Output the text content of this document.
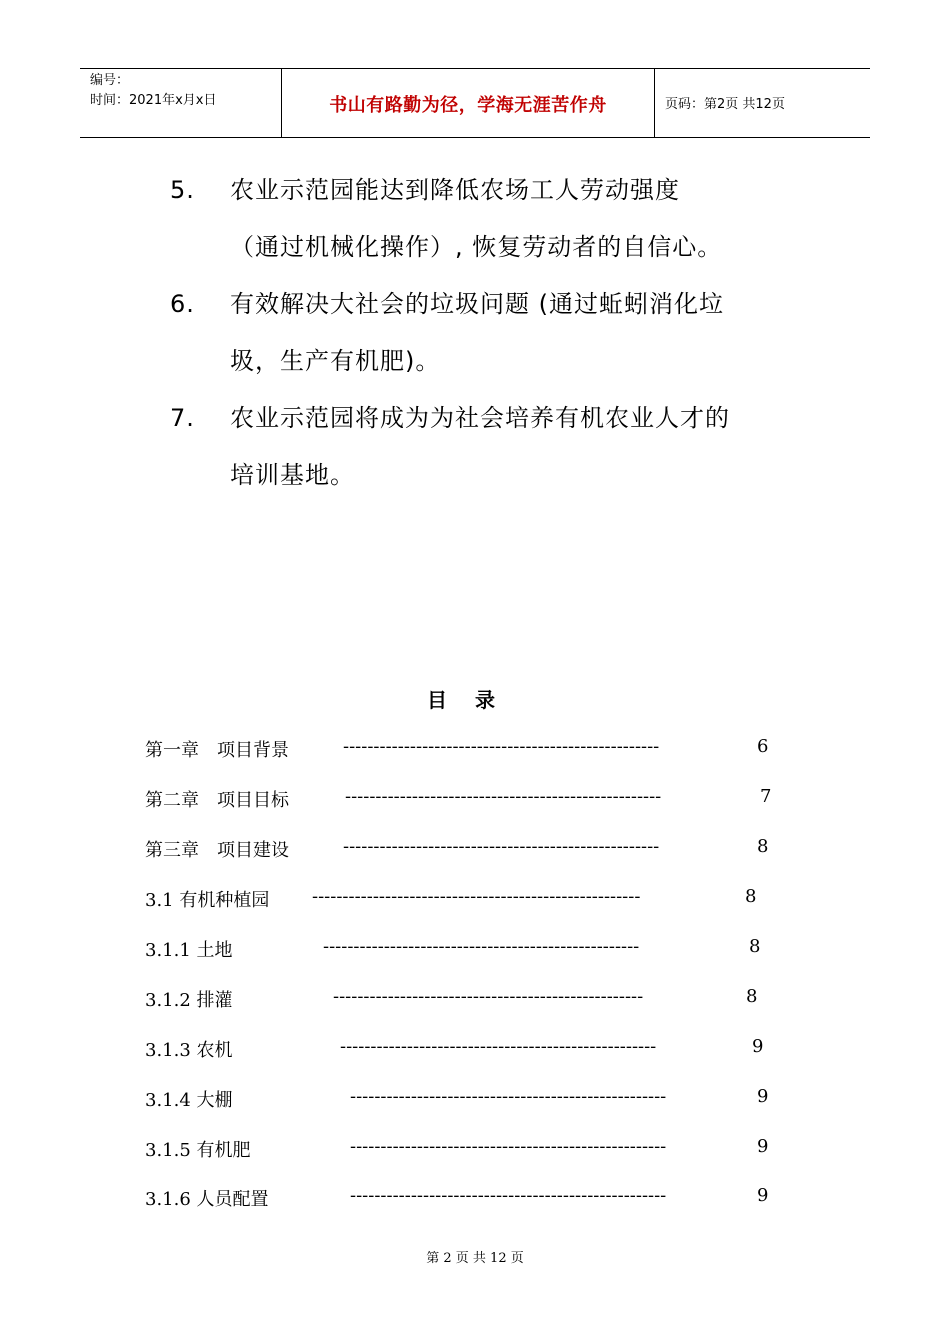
编号：
时间：2021年x月x日	书山有路勤为径，学海无涯苦作舟	页码：第2页 共12页
5.	农业示范园能达到降低农场工人劳动强度
（通过机械化操作）, 恢复劳动者的自信心。
6.	有效解决大社会的垃圾问题 (通过蚯蚓消化垃
圾，生产有机肥)。
7.	农业示范园将成为为社会培养有机农业人才的
培训基地。
目录
第一章　项目背景	----------------------------------------------------	6
第二章　项目目标	----------------------------------------------------	7
第三章　项目建设	----------------------------------------------------	8
3.1 有机种植园 ------------------------------------------------------	8
3.1.1 土地	----------------------------------------------------	8
3.1.2 排灌	---------------------------------------------------	8
3.1.3 农机	----------------------------------------------------	9
3.1.4 大棚	----------------------------------------------------	9
3.1.5 有机肥	----------------------------------------------------	9
3.1.6 人员配置	----------------------------------------------------	9
第 2 页 共 12 页
